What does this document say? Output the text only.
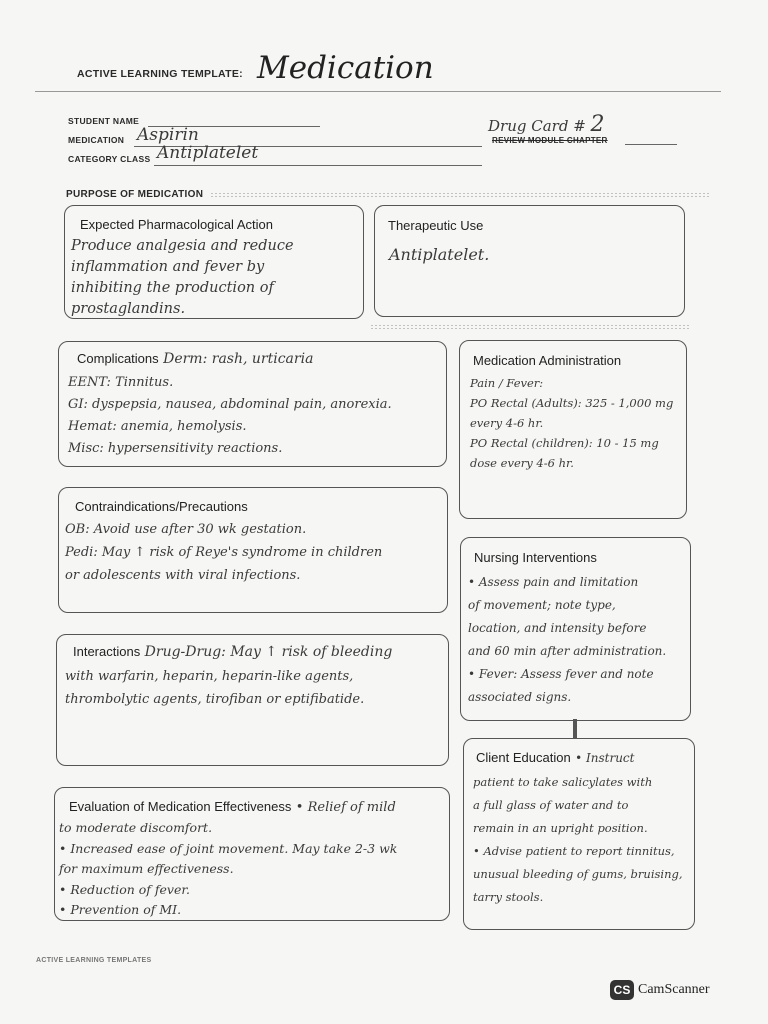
ACTIVE LEARNING TEMPLATE: Medication
STUDENT NAME
MEDICATION Aspirin
CATEGORY CLASS Antiplatelet
Drug Card # 2
REVIEW MODULE CHAPTER
PURPOSE OF MEDICATION
Expected Pharmacological Action
Produce analgesia and reduce
inflammation and fever by
inhibiting the production of
prostaglandins.
Therapeutic Use
Antiplatelet.
Complications Derm: rash, urticaria
EENT: Tinnitus.
GI: dyspepsia, nausea, abdominal pain, anorexia.
Hemat: anemia, hemolysis.
Misc: hypersensitivity reactions.
Medication Administration
Pain / Fever:
PO Rectal (Adults): 325 - 1,000 mg
every 4-6 hr.
PO Rectal (children): 10 - 15 mg
dose every 4-6 hr.
Contraindications/Precautions
OB: Avoid use after 30 wk gestation.
Pedi: May ↑ risk of Reye's syndrome in children
or adolescents with viral infections.
Nursing Interventions
• Assess pain and limitation
of movement; note type,
location, and intensity before
and 60 min after administration.
• Fever: Assess fever and note
associated signs.
Interactions Drug-Drug: May ↑ risk of bleeding
with warfarin, heparin, heparin-like agents,
thrombolytic agents, tirofiban or eptifibatide.
Client Education • Instruct
patient to take salicylates with
a full glass of water and to
remain in an upright position.
• Advise patient to report tinnitus,
unusual bleeding of gums, bruising,
tarry stools.
Evaluation of Medication Effectiveness • Relief of mild
to moderate discomfort.
• Increased ease of joint movement. May take 2-3 wk
for maximum effectiveness.
• Reduction of fever.
• Prevention of MI.
ACTIVE LEARNING TEMPLATES
CS CamScanner
